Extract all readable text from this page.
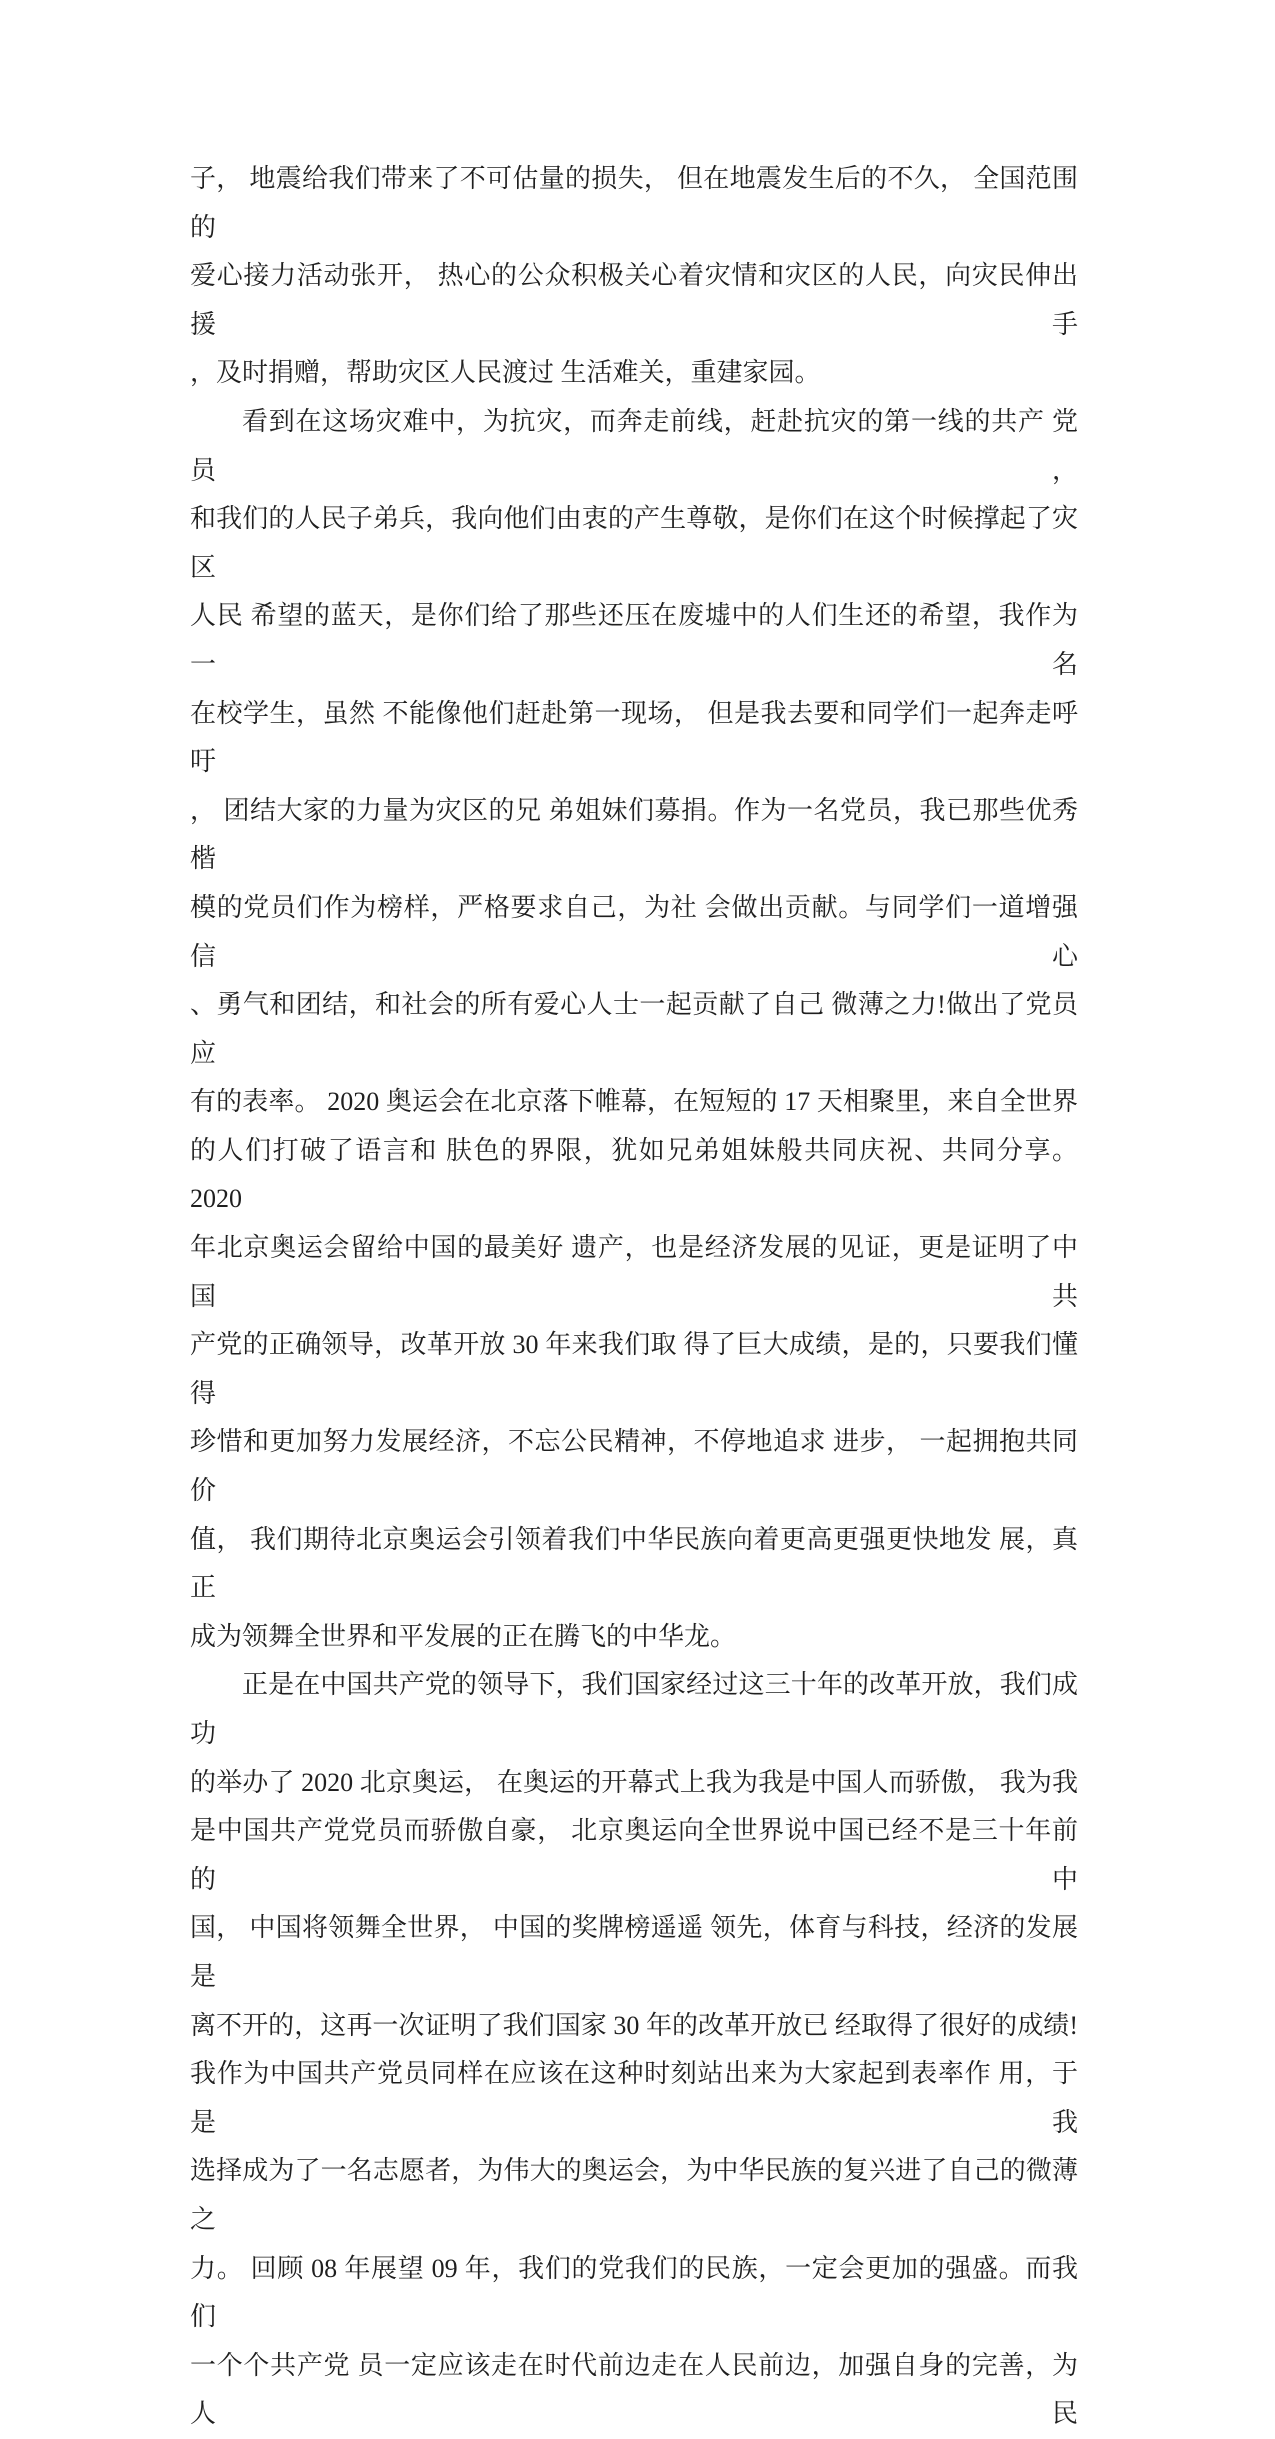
子， 地震给我们带来了不可估量的损失， 但在地震发生后的不久， 全国范围的
爱心接力活动张开， 热心的公众积极关心着灾情和灾区的人民，向灾民伸出援手
，及时捐赠，帮助灾区人民渡过 生活难关，重建家园。
看到在这场灾难中，为抗灾，而奔走前线，赶赴抗灾的第一线的共产 党员，
和我们的人民子弟兵，我向他们由衷的产生尊敬，是你们在这个时候撑起了灾区
人民 希望的蓝天，是你们给了那些还压在废墟中的人们生还的希望，我作为一名
在校学生，虽然 不能像他们赶赴第一现场， 但是我去要和同学们一起奔走呼吁
， 团结大家的力量为灾区的兄 弟姐妹们募捐。作为一名党员，我已那些优秀楷
模的党员们作为榜样，严格要求自己，为社 会做出贡献。与同学们一道增强信心
、勇气和团结，和社会的所有爱心人士一起贡献了自己 微薄之力!做出了党员应
有的表率。 2020 奥运会在北京落下帷幕，在短短的 17 天相聚里，来自全世界
的人们打破了语言和 肤色的界限，犹如兄弟姐妹般共同庆祝、共同分享。2020
年北京奥运会留给中国的最美好 遗产，也是经济发展的见证，更是证明了中国共
产党的正确领导，改革开放 30 年来我们取 得了巨大成绩，是的，只要我们懂得
珍惜和更加努力发展经济，不忘公民精神，不停地追求 进步， 一起拥抱共同价
值， 我们期待北京奥运会引领着我们中华民族向着更高更强更快地发 展，真正
成为领舞全世界和平发展的正在腾飞的中华龙。
正是在中国共产党的领导下，我们国家经过这三十年的改革开放，我们成功
的举办了 2020 北京奥运， 在奥运的开幕式上我为我是中国人而骄傲， 我为我
是中国共产党党员而骄傲自豪， 北京奥运向全世界说中国已经不是三十年前的中
国， 中国将领舞全世界， 中国的奖牌榜遥遥 领先，体育与科技，经济的发展是
离不开的，这再一次证明了我们国家 30 年的改革开放已 经取得了很好的成绩!
我作为中国共产党员同样在应该在这种时刻站出来为大家起到表率作 用，于是我
选择成为了一名志愿者，为伟大的奥运会，为中华民族的复兴进了自己的微薄之
力。 回顾 08 年展望 09 年，我们的党我们的民族，一定会更加的强盛。而我们
一个个共产党 员一定应该走在时代前边走在人民前边，加强自身的完善，为人民
